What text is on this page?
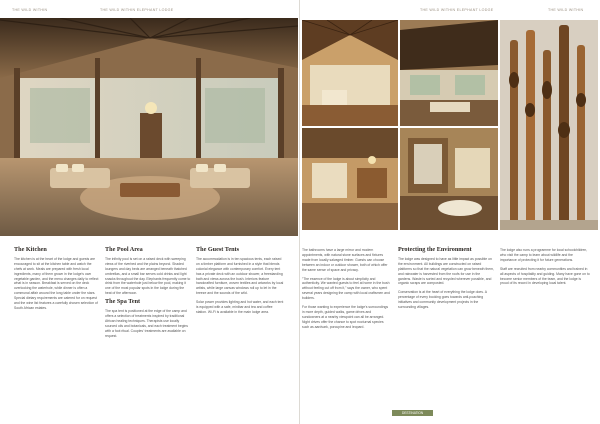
THE WILD WITHIN	THE WILD WITHIN ELEPHANT LODGE
The Kitchen

The kitchen is at the heart of the lodge and guests are encouraged to sit at the kitchen table and watch the chefs at work. Meals are prepared with fresh local ingredients, many of them grown in the lodge's own vegetable garden, and the menu changes daily to reflect what is in season. Breakfast is served on the deck overlooking the waterhole, while dinner is often a communal affair around the long table under the stars. Special dietary requirements are catered for on request and the wine list features a carefully chosen selection of South African estates.

The Pool Area

The infinity pool is set on a raised deck with sweeping views of the riverbed and the plains beyond. Shaded loungers and day beds are arranged beneath thatched umbrellas, and a small bar serves cold drinks and light snacks throughout the day. Elephants frequently come to drink from the waterhole just below the pool, making it one of the most popular spots in the lodge during the heat of the afternoon.

The Spa Tent

The spa tent is positioned at the edge of the camp and offers a selection of treatments inspired by traditional African healing techniques. Therapists use locally sourced oils and botanicals, and each treatment begins with a foot ritual. Couples' treatments are available on request.

The Guest Tents

The accommodation is in ten spacious tents, each raised on a timber platform and furnished in a style that blends colonial elegance with contemporary comfort. Every tent has a private deck with an outdoor shower, a freestanding bath and views across the bush. Interiors feature handcrafted furniture, woven textiles and artworks by local artists, while large canvas windows roll up to let in the breeze and the sounds of the wild.

Solar power provides lighting and hot water, and each tent is equipped with a safe, minibar and tea and coffee station. Wi-Fi is available in the main lodge area.

THE WILD WITHIN ELEPHANT LODGE	THE WILD WITHIN

The bathrooms have a large mirror and modern appointments, with natural stone surfaces and fixtures made from locally salvaged timber. Guests can choose between an indoor or outdoor shower, both of which offer the same sense of space and privacy.

"The essence of the lodge is about simplicity and authenticity. We wanted guests to feel at home in the bush without feeling cut off from it," says the owner, who spent several years designing the camp with local craftsmen and builders.

For those wanting to experience the lodge's surroundings in more depth, guided walks, game drives and sundowners at a nearby viewpoint can all be arranged. Night drives offer the chance to spot nocturnal species such as aardvark, porcupine and leopard.

Protecting the Environment

The lodge was designed to have as little impact as possible on the environment. All buildings are constructed on raised platforms so that the natural vegetation can grow beneath them, and rainwater is harvested from the roofs for use in the gardens. Waste is sorted and recycled wherever possible, and organic scraps are composted.

Conservation is at the heart of everything the lodge does. A percentage of every booking goes towards anti-poaching initiatives and community development projects in the surrounding villages.

The lodge also runs a programme for local schoolchildren, who visit the camp to learn about wildlife and the importance of protecting it for future generations.

Staff are recruited from nearby communities and trained in all aspects of hospitality and guiding. Many have gone on to become senior members of the team, and the lodge is proud of its record in developing local talent.

DESTINATION
